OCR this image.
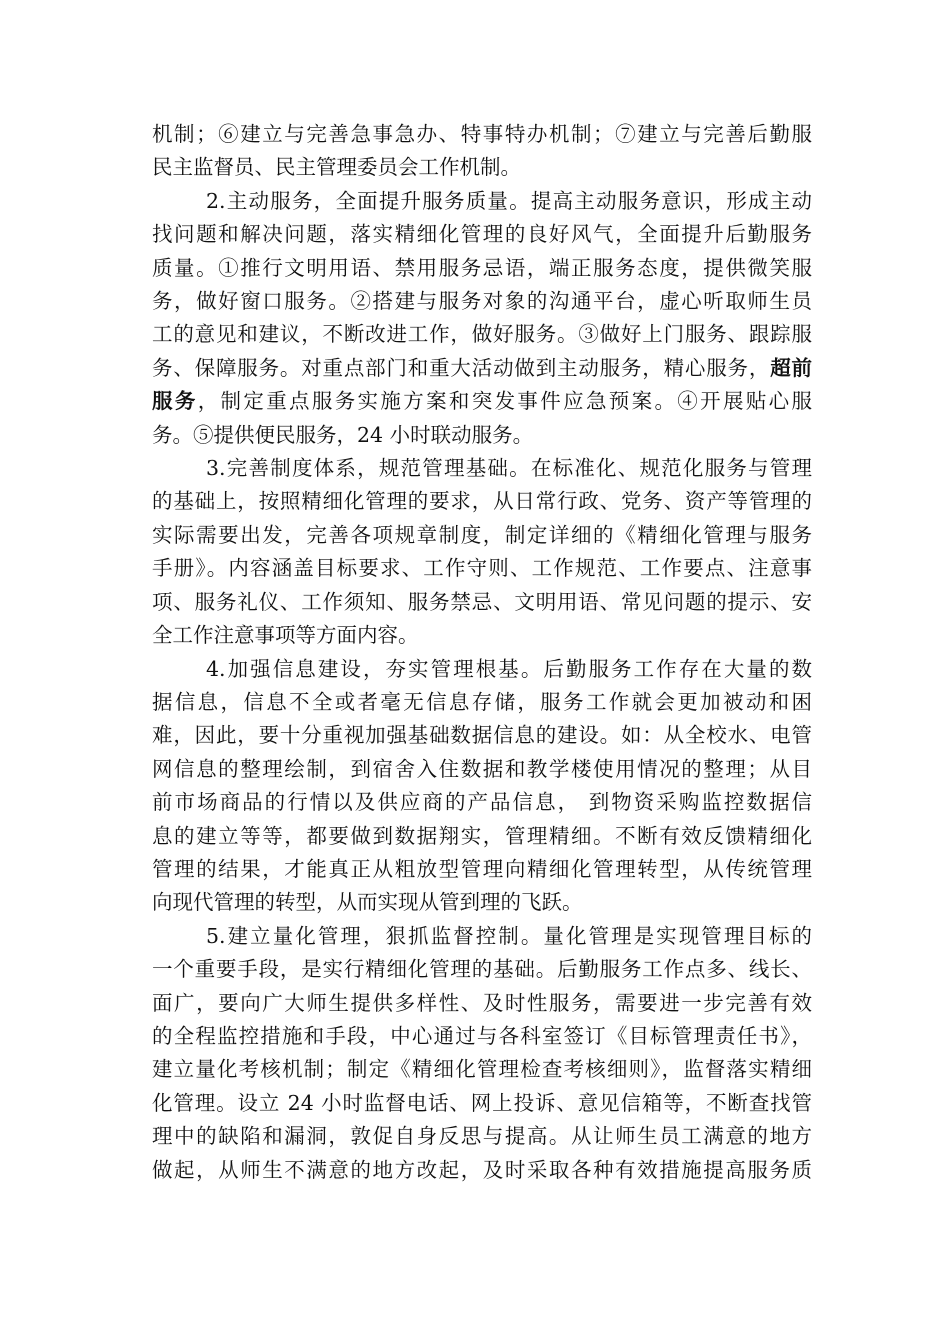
机制；⑥建立与完善急事急办、特事特办机制；⑦建立与完善后勤服
民主监督员、民主管理委员会工作机制。
2.主动服务，全面提升服务质量。提高主动服务意识，形成主动
找问题和解决问题，落实精细化管理的良好风气，全面提升后勤服务
质量。①推行文明用语、禁用服务忌语，端正服务态度，提供微笑服
务，做好窗口服务。②搭建与服务对象的沟通平台，虚心听取师生员
工的意见和建议，不断改进工作，做好服务。③做好上门服务、跟踪服
务、保障服务。对重点部门和重大活动做到主动服务，精心服务，超前
服务，制定重点服务实施方案和突发事件应急预案。④开展贴心服
务。⑤提供便民服务，24 小时联动服务。
3.完善制度体系，规范管理基础。在标准化、规范化服务与管理
的基础上，按照精细化管理的要求，从日常行政、党务、资产等管理的
实际需要出发，完善各项规章制度，制定详细的《精细化管理与服务
手册》。内容涵盖目标要求、工作守则、工作规范、工作要点、注意事
项、服务礼仪、工作须知、服务禁忌、文明用语、常见问题的提示、安
全工作注意事项等方面内容。
4.加强信息建设，夯实管理根基。后勤服务工作存在大量的数
据信息，信息不全或者毫无信息存储，服务工作就会更加被动和困
难，因此，要十分重视加强基础数据信息的建设。如：从全校水、电管
网信息的整理绘制，到宿舍入住数据和教学楼使用情况的整理；从目
前市场商品的行情以及供应商的产品信息， 到物资采购监控数据信
息的建立等等，都要做到数据翔实，管理精细。不断有效反馈精细化
管理的结果，才能真正从粗放型管理向精细化管理转型，从传统管理
向现代管理的转型，从而实现从管到理的飞跃。
5.建立量化管理，狠抓监督控制。量化管理是实现管理目标的
一个重要手段，是实行精细化管理的基础。后勤服务工作点多、线长、
面广，要向广大师生提供多样性、及时性服务，需要进一步完善有效
的全程监控措施和手段，中心通过与各科室签订《目标管理责任书》，
建立量化考核机制；制定《精细化管理检查考核细则》，监督落实精细
化管理。设立 24 小时监督电话、网上投诉、意见信箱等，不断查找管
理中的缺陷和漏洞，敦促自身反思与提高。从让师生员工满意的地方
做起，从师生不满意的地方改起，及时采取各种有效措施提高服务质
